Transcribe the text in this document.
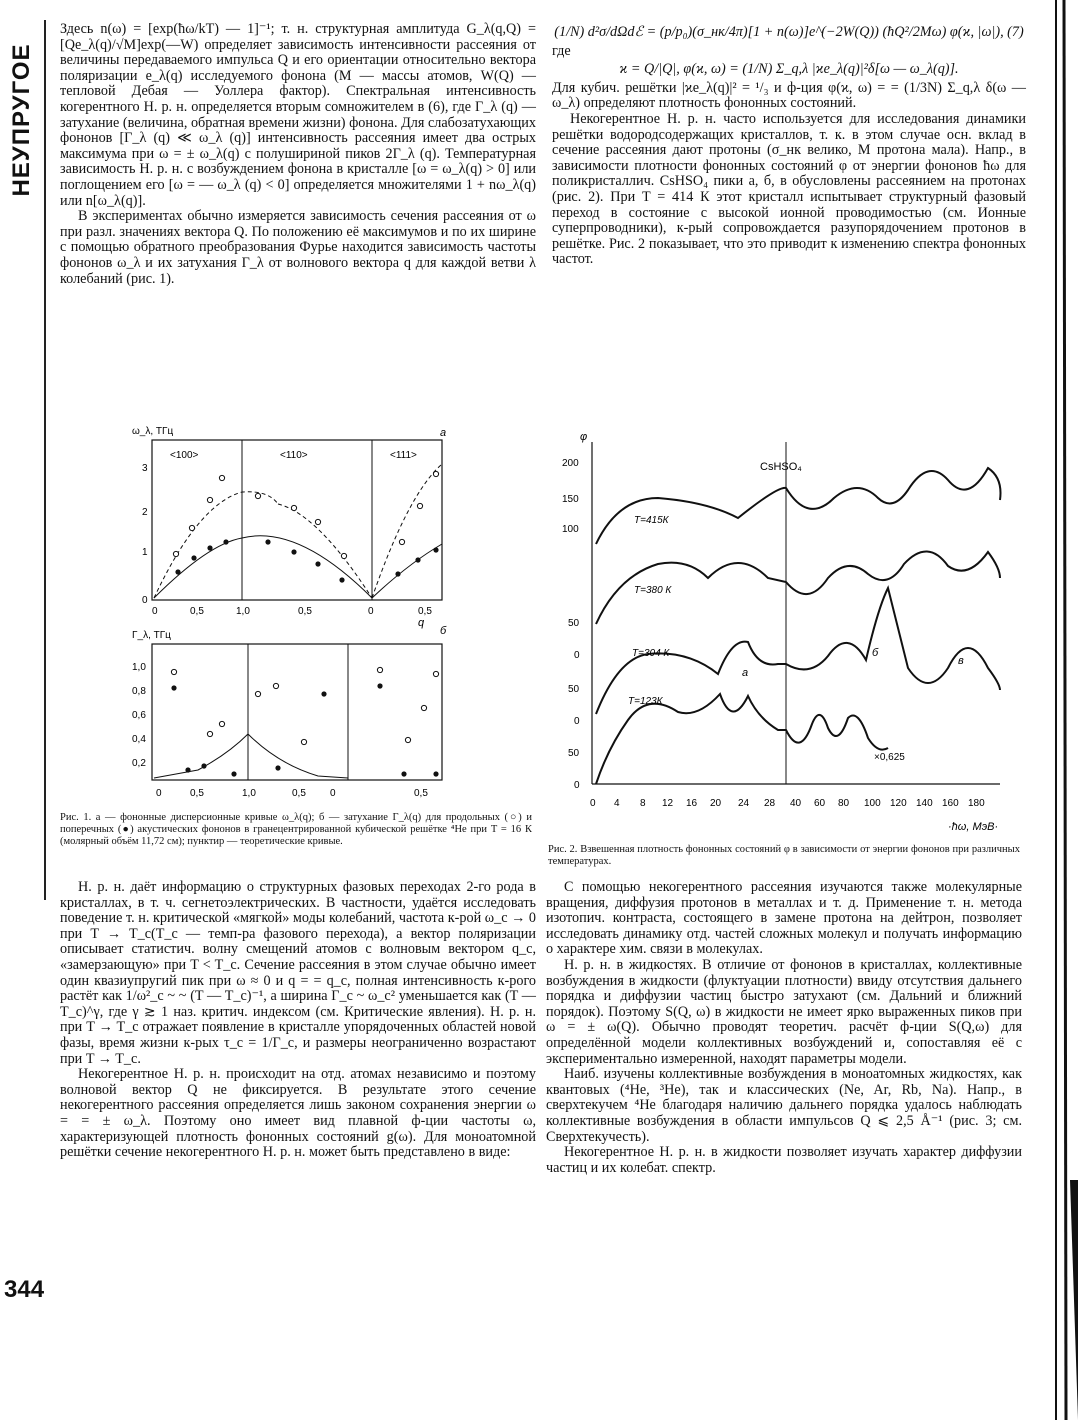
НЕУПРУГОЕ
344

Здесь n(ω) = [exp(ħω/kT) — 1]⁻¹; т. н. структурная амплитуда G_λ(q,Q) = [Qe_λ(q)/√M]exp(—W) определяет зависимость интенсивности рассеяния от величины передаваемого импульса Q и его ориентации относительно вектора поляризации e_λ(q) исследуемого фонона (M — массы атомов, W(Q) — тепловой Дебая — Уоллера фактор). Спектральная интенсивность когерентного Н. р. н. определяется вторым сомножителем в (6), где Γ_λ (q) — затухание (величина, обратная времени жизни) фонона. Для слабозатухающих фононов [Γ_λ (q) ≪ ω_λ (q)] интенсивность рассеяния имеет два острых максимума при ω = ± ω_λ(q) с полушириной пиков 2Γ_λ (q). Температурная зависимость Н. р. н. с возбуждением фонона в кристалле [ω = ω_λ(q) > 0] или поглощением его [ω = — ω_λ (q) < 0] определяется множителями 1 + nω_λ(q) или n[ω_λ(q)].

В экспериментах обычно измеряется зависимость сечения рассеяния от ω при разл. значениях вектора Q. По положению её максимумов и по их ширине с помощью обратного преобразования Фурье находится зависимость частоты фононов ω_λ и их затухания Γ_λ от волнового вектора q для каждой ветви λ колебаний (рис. 1).

ω_λ, ТГц	а
<100>	<110>	<111>
0
1
2
3
0	0,5	1,0	0,5	0	0,5
Γ_λ, ТГц
q
б
0,2
0,4
0,6
0,8
1,0
0	0,5	1,0	0,5 0	0,5
Рис. 1. а — фононные дисперсионные кривые ω_λ(q); б — затухание Γ_λ(q) для продольных (○) и поперечных (●) акустических фононов в гранецентрированной кубической решётке ⁴Не при T = 16 К (молярный объём 11,72 см); пунктир — теоретические кривые.

Н. р. н. даёт информацию о структурных фазовых переходах 2-го рода в кристаллах, в т. ч. сегнетоэлектрических. В частности, удаётся исследовать поведение т. н. критической «мягкой» моды колебаний, частота к-рой ω_c → 0 при T → T_c(T_c — темп-ра фазового перехода), а вектор поляризации описывает статистич. волну смещений атомов с волновым вектором q_c, «замерзающую» при T < T_c. Сечение рассеяния в этом случае обычно имеет один квазиупругий пик при ω ≈ 0 и q = = q_c, полная интенсивность к-рого растёт как 1/ω²_c ~ ~ (T — T_c)⁻¹, а ширина Γ_c ~ ω_c² уменьшается как (T — T_c)^γ, где γ ≳ 1 наз. критич. индексом (см. Критические явления). Н. р. н. при T → T_c отражает появление в кристалле упорядоченных областей новой фазы, время жизни к-рых τ_c = 1/Γ_c, и размеры неограниченно возрастают при T → T_c.

Некогерентное Н. р. н. происходит на отд. атомах независимо и поэтому волновой вектор Q не фиксируется. В результате этого сечение некогерентного рассеяния определяется лишь законом сохранения энергии ω = = ± ω_λ. Поэтому оно имеет вид плавной ф-ции частоты ω, характеризующей плотность фононных состояний g(ω). Для моноатомной решётки сечение некогерентного Н. р. н. может быть представлено в виде:

(1/N) d²σ/dΩdℰ = (p/p₀)(σ_нк/4π)[1 + n(ω)]e^(−2W(Q)) (ħQ²/2Mω) φ(ϰ, |ω|), (7)

где

ϰ = Q/|Q|, φ(ϰ, ω) = (1/N) Σ_q,λ |ϰe_λ(q)|²δ[ω — ω_λ(q)].

Для кубич. решётки |ϰe_λ(q)|² = ¹/₃ и ф-ция φ(ϰ, ω) = = (1/3N) Σ_q,λ δ(ω — ω_λ) определяют плотность фононных состояний.

Некогерентное Н. р. н. часто используется для исследования динамики решётки водородсодержащих кристаллов, т. к. в этом случае осн. вклад в сечение рассеяния дают протоны (σ_нк велико, M протона мала). Напр., в зависимости плотности фононных состояний φ от энергии фононов ħω для поликристаллич. CsHSO₄ пики а, б, в обусловлены рассеянием на протонах (рис. 2). При T = 414 К этот кристалл испытывает структурный фазовый переход в состояние с высокой ионной проводимостью (см. Ионные суперпроводники), к-рый сопровождается разупорядочением протонов в решётке. Рис. 2 показывает, что это приводит к изменению спектра фононных частот.

φ
CsHSO₄
0
50
0
50
0
50
100
150
200
0 4 8 12 16 20 24 28 40 60 80 100 120 140 160 180
·ħω, МэВ·
T=415К
T=380 К
T=304 К
T=123К
а
б
в
×0,625
Рис. 2. Взвешенная плотность фононных состояний φ в зависимости от энергии фононов при различных температурах.

С помощью некогерентного рассеяния изучаются также молекулярные вращения, диффузия протонов в металлах и т. д. Применение т. н. метода изотопич. контраста, состоящего в замене протона на дейтрон, позволяет исследовать динамику отд. частей сложных молекул и получать информацию о характере хим. связи в молекулах.

Н. р. н. в жидкостях. В отличие от фононов в кристаллах, коллективные возбуждения в жидкости (флуктуации плотности) ввиду отсутствия дальнего порядка и диффузии частиц быстро затухают (см. Дальний и ближний порядок). Поэтому S(Q, ω) в жидкости не имеет ярко выраженных пиков при ω = ± ω(Q). Обычно проводят теоретич. расчёт ф-ции S(Q,ω) для определённой модели коллективных возбуждений и, сопоставляя её с экспериментально измеренной, находят параметры модели.

Наиб. изучены коллективные возбуждения в моноатомных жидкостях, как квантовых (⁴He, ³He), так и классических (Ne, Ar, Rb, Na). Напр., в сверхтекучем ⁴Не благодаря наличию дальнего порядка удалось наблюдать коллективные возбуждения в области импульсов Q ⩽ 2,5 Å⁻¹ (рис. 3; см. Сверхтекучесть).

Некогерентное Н. р. н. в жидкости позволяет изучать характер диффузии частиц и их колебат. спектр.
